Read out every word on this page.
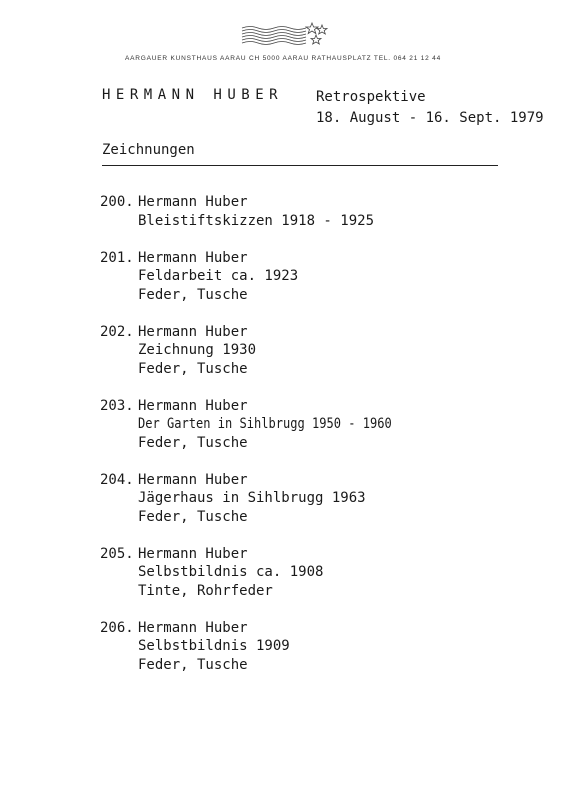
AARGAUER KUNSTHAUS AARAU CH 5000 AARAU RATHAUSPLATZ TEL. 064 21 12 44
HERMANN HUBER Retrospektive
18. August - 16. Sept. 1979
Zeichnungen
200. Hermann Huber
Bleistiftskizzen 1918 - 1925
201. Hermann Huber
Feldarbeit ca. 1923
Feder, Tusche
202. Hermann Huber
Zeichnung 1930
Feder, Tusche
203. Hermann Huber
Der Garten in Sihlbrugg 1950 - 1960
Feder, Tusche
204. Hermann Huber
Jägerhaus in Sihlbrugg 1963
Feder, Tusche
205. Hermann Huber
Selbstbildnis ca. 1908
Tinte, Rohrfeder
206. Hermann Huber
Selbstbildnis 1909
Feder, Tusche
